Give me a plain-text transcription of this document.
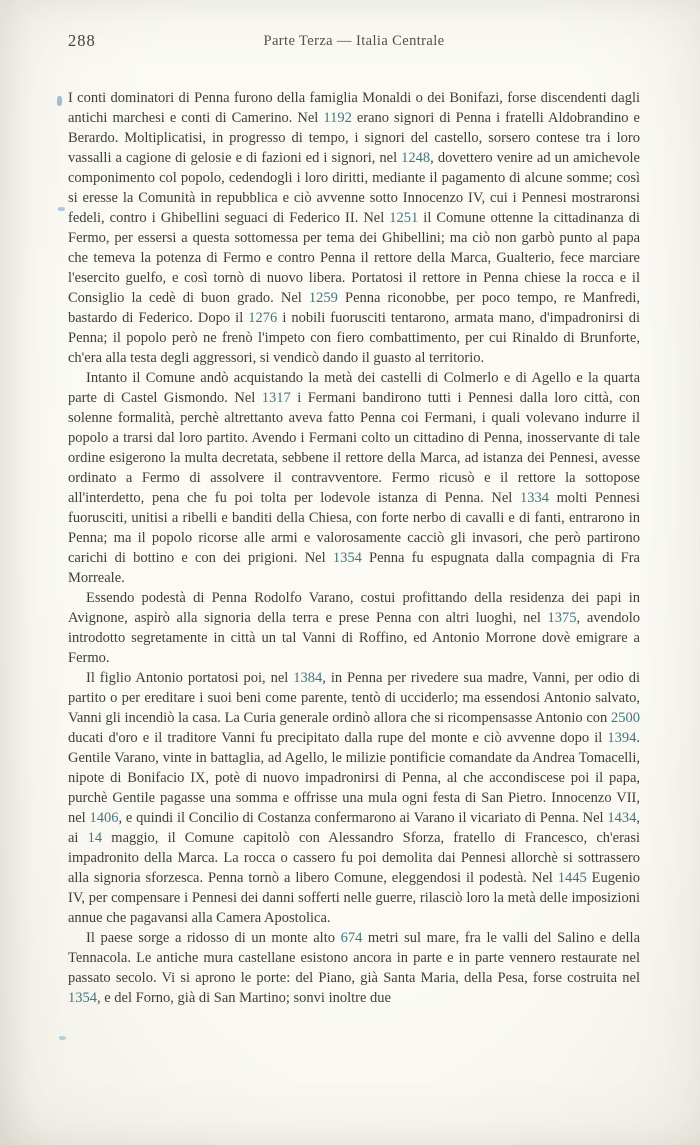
288	Parte Terza — Italia Centrale

I conti dominatori di Penna furono della famiglia Monaldi o dei Bonifazi, forse discendenti dagli antichi marchesi e conti di Camerino. Nel 1192 erano signori di Penna i fratelli Aldobrandino e Berardo. Moltiplicatisi, in progresso di tempo, i signori del castello, sorsero contese tra i loro vassalli a cagione di gelosie e di fazioni ed i signori, nel 1248, dovettero venire ad un amichevole componimento col popolo, cedendogli i loro diritti, mediante il pagamento di alcune somme; così si eresse la Comunità in repubblica e ciò avvenne sotto Innocenzo IV, cui i Pennesi mostraronsi fedeli, contro i Ghibellini seguaci di Federico II. Nel 1251 il Comune ottenne la cittadinanza di Fermo, per essersi a questa sottomessa per tema dei Ghibellini; ma ciò non garbò punto al papa che temeva la potenza di Fermo e contro Penna il rettore della Marca, Gualterio, fece marciare l'esercito guelfo, e così tornò di nuovo libera. Portatosi il rettore in Penna chiese la rocca e il Consiglio la cedè di buon grado. Nel 1259 Penna riconobbe, per poco tempo, re Manfredi, bastardo di Federico. Dopo il 1276 i nobili fuorusciti tentarono, armata mano, d'impadronirsi di Penna; il popolo però ne frenò l'impeto con fiero combattimento, per cui Rinaldo di Brunforte, ch'era alla testa degli aggressori, si vendicò dando il guasto al territorio.

Intanto il Comune andò acquistando la metà dei castelli di Colmerlo e di Agello e la quarta parte di Castel Gismondo. Nel 1317 i Fermani bandirono tutti i Pennesi dalla loro città, con solenne formalità, perchè altrettanto aveva fatto Penna coi Fermani, i quali volevano indurre il popolo a trarsi dal loro partito. Avendo i Fermani colto un cittadino di Penna, inosservante di tale ordine esigerono la multa decretata, sebbene il rettore della Marca, ad istanza dei Pennesi, avesse ordinato a Fermo di assolvere il contravventore. Fermo ricusò e il rettore la sottopose all'interdetto, pena che fu poi tolta per lodevole istanza di Penna. Nel 1334 molti Pennesi fuorusciti, unitisi a ribelli e banditi della Chiesa, con forte nerbo di cavalli e di fanti, entrarono in Penna; ma il popolo ricorse alle armi e valorosamente cacciò gli invasori, che però partirono carichi di bottino e con dei prigioni. Nel 1354 Penna fu espugnata dalla compagnia di Fra Morreale.

Essendo podestà di Penna Rodolfo Varano, costui profittando della residenza dei papi in Avignone, aspirò alla signoria della terra e prese Penna con altri luoghi, nel 1375, avendolo introdotto segretamente in città un tal Vanni di Roffino, ed Antonio Morrone dovè emigrare a Fermo.

Il figlio Antonio portatosi poi, nel 1384, in Penna per rivedere sua madre, Vanni, per odio di partito o per ereditare i suoi beni come parente, tentò di ucciderlo; ma essendosi Antonio salvato, Vanni gli incendiò la casa. La Curia generale ordinò allora che si ricompensasse Antonio con 2500 ducati d'oro e il traditore Vanni fu precipitato dalla rupe del monte e ciò avvenne dopo il 1394. Gentile Varano, vinte in battaglia, ad Agello, le milizie pontificie comandate da Andrea Tomacelli, nipote di Bonifacio IX, potè di nuovo impadronirsi di Penna, al che accondiscese poi il papa, purchè Gentile pagasse una somma e offrisse una mula ogni festa di San Pietro. Innocenzo VII, nel 1406, e quindi il Concilio di Costanza confermarono ai Varano il vicariato di Penna. Nel 1434, ai 14 maggio, il Comune capitolò con Alessandro Sforza, fratello di Francesco, ch'erasi impadronito della Marca. La rocca o cassero fu poi demolita dai Pennesi allorchè si sottrassero alla signoria sforzesca. Penna tornò a libero Comune, eleggendosi il podestà. Nel 1445 Eugenio IV, per compensare i Pennesi dei danni sofferti nelle guerre, rilasciò loro la metà delle imposizioni annue che pagavansi alla Camera Apostolica.

Il paese sorge a ridosso di un monte alto 674 metri sul mare, fra le valli del Salino e della Tennacola. Le antiche mura castellane esistono ancora in parte e in parte vennero restaurate nel passato secolo. Vi si aprono le porte: del Piano, già Santa Maria, della Pesa, forse costruita nel 1354, e del Forno, già di San Martino; sonvi inoltre due
